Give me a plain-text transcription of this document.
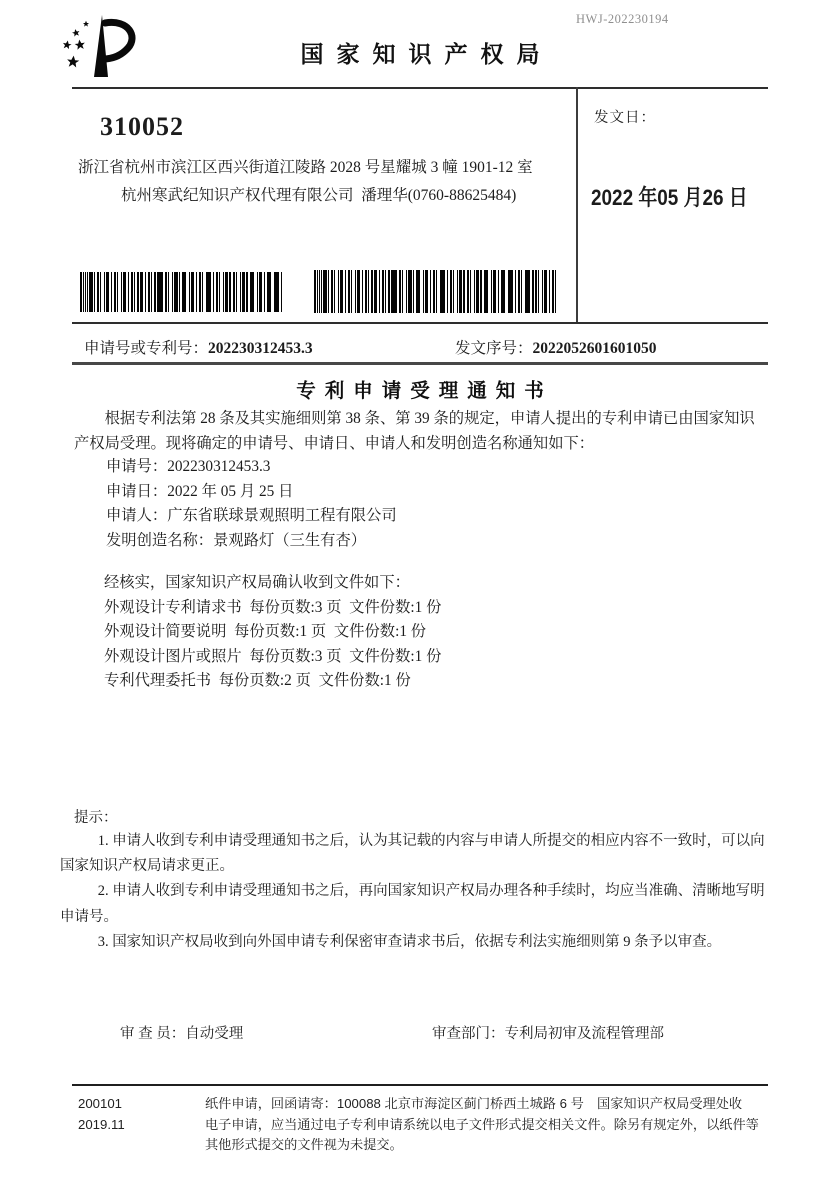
HWJ-202230194
国家知识产权局
310052
浙江省杭州市滨江区西兴街道江陵路 2028 号星耀城 3 幢 1901-12 室
杭州寒武纪知识产权代理有限公司  潘理华(0760-88625484)
发文日：
2022 年05 月26 日
申请号或专利号：202230312453.3	发文序号：2022052601601050
专利申请受理通知书

根据专利法第 28 条及其实施细则第 38 条、第 39 条的规定，申请人提出的专利申请已由国家知识产权局受理。现将确定的申请号、申请日、申请人和发明创造名称通知如下：

申请号：202230312453.3
申请日：2022 年 05 月 25 日
申请人：广东省联球景观照明工程有限公司
发明创造名称：景观路灯（三生有杏）
经核实，国家知识产权局确认收到文件如下：
外观设计专利请求书  每份页数:3 页  文件份数:1 份
外观设计简要说明  每份页数:1 页  文件份数:1 份
外观设计图片或照片  每份页数:3 页  文件份数:1 份
专利代理委托书  每份页数:2 页  文件份数:1 份
提示：

1. 申请人收到专利申请受理通知书之后，认为其记载的内容与申请人所提交的相应内容不一致时，可以向国家知识产权局请求更正。

2. 申请人收到专利申请受理通知书之后，再向国家知识产权局办理各种手续时，均应当准确、清晰地写明申请号。

3. 国家知识产权局收到向外国申请专利保密审查请求书后，依据专利法实施细则第 9 条予以审查。

审 查 员：自动受理	审查部门：专利局初审及流程管理部
200101	纸件申请，回函请寄：100088 北京市海淀区蓟门桥西土城路 6 号　国家知识产权局受理处收
2019.11	电子申请，应当通过电子专利申请系统以电子文件形式提交相关文件。除另有规定外，以纸件等其他形式提交的文件视为未提交。
